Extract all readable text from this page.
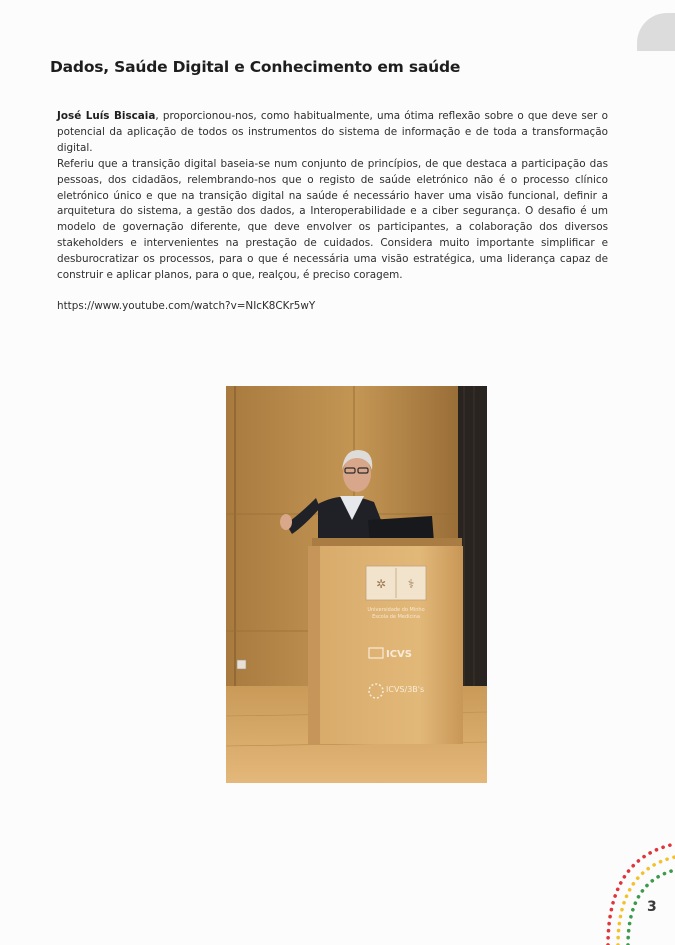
Dados, Saúde Digital e Conhecimento em saúde

José Luís Biscaia, proporcionou-nos, como habitualmente, uma ótima reflexão sobre o que deve ser o potencial da aplicação de todos os instrumentos do sistema de informação e de toda a transformação digital.

Referiu que a transição digital baseia-se num conjunto de princípios, de que destaca a participação das pessoas, dos cidadãos, relembrando-nos que o registo de saúde eletrónico não é o processo clínico eletrónico único e que na transição digital na saúde é necessário haver uma visão funcional, definir a arquitetura do sistema, a gestão dos dados, a Interoperabilidade e a ciber segurança. O desafio é um modelo de governação diferente, que deve envolver os participantes, a colaboração dos diversos stakeholders e intervenientes na prestação de cuidados. Considera muito importante simplificar e desburocratizar os processos, para o que é necessária uma visão estratégica, uma liderança capaz de construir e aplicar planos, para o que, realçou, é preciso coragem.

https://www.youtube.com/watch?v=NIcK8CKr5wY

✲ ⚕
Universidade do Minho
Escola de Medicina
ICVS
ICVS/3B's
3
